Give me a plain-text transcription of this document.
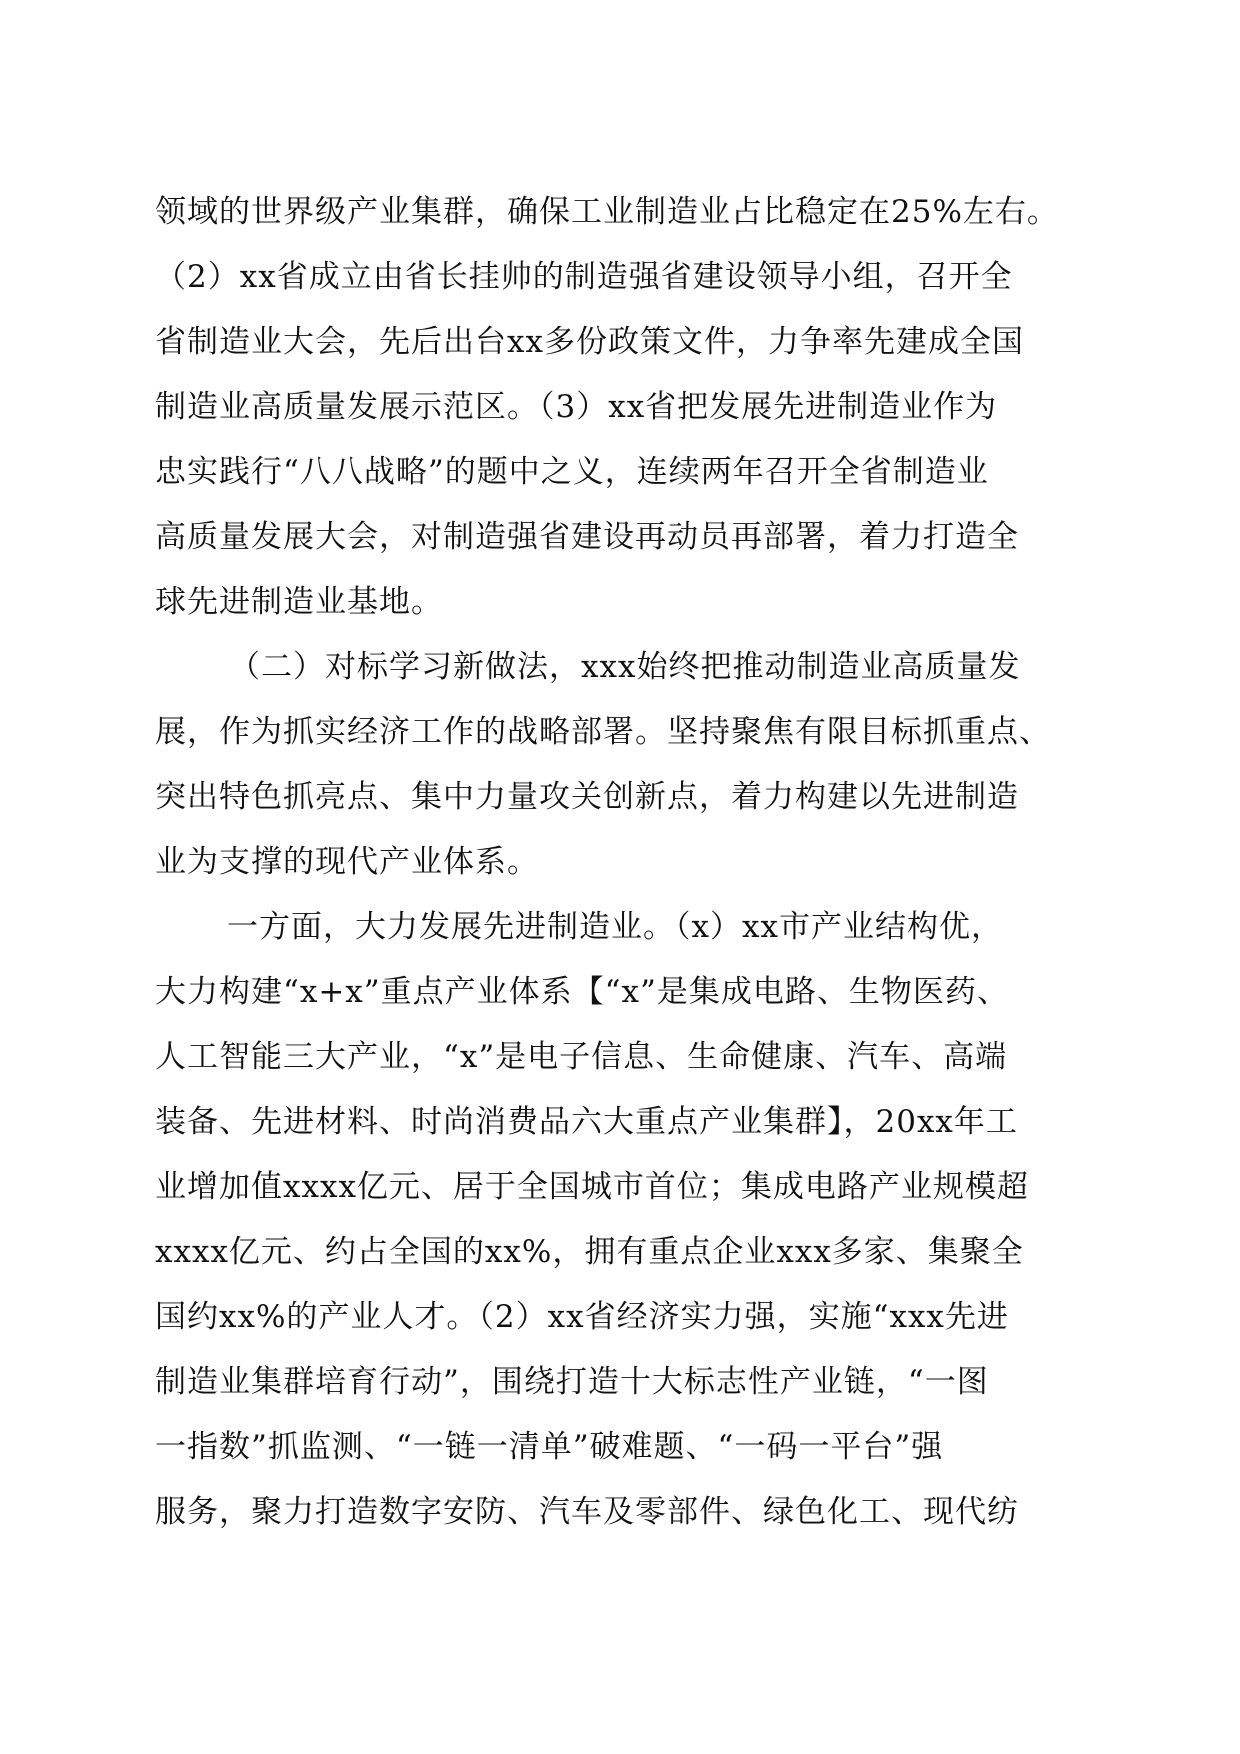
领域的世界级产业集群，确保工业制造业占比稳定在25%左右。
（2）xx省成立由省长挂帅的制造强省建设领导小组，召开全
省制造业大会，先后出台xx多份政策文件，力争率先建成全国
制造业高质量发展示范区。（3）xx省把发展先进制造业作为
忠实践行“八八战略”的题中之义，连续两年召开全省制造业
高质量发展大会，对制造强省建设再动员再部署，着力打造全
球先进制造业基地。
（二）对标学习新做法，xxx始终把推动制造业高质量发
展，作为抓实经济工作的战略部署。坚持聚焦有限目标抓重点、
突出特色抓亮点、集中力量攻关创新点，着力构建以先进制造
业为支撑的现代产业体系。
一方面，大力发展先进制造业。（x）xx市产业结构优，
大力构建“x+x”重点产业体系【“x”是集成电路、生物医药、
人工智能三大产业，“x”是电子信息、生命健康、汽车、高端
装备、先进材料、时尚消费品六大重点产业集群】，20xx年工
业增加值xxxx亿元、居于全国城市首位；集成电路产业规模超
xxxx亿元、约占全国的xx%，拥有重点企业xxx多家、集聚全
国约xx%的产业人才。（2）xx省经济实力强，实施“xxx先进
制造业集群培育行动”，围绕打造十大标志性产业链，“一图
一指数”抓监测、“一链一清单”破难题、“一码一平台”强
服务，聚力打造数字安防、汽车及零部件、绿色化工、现代纺
